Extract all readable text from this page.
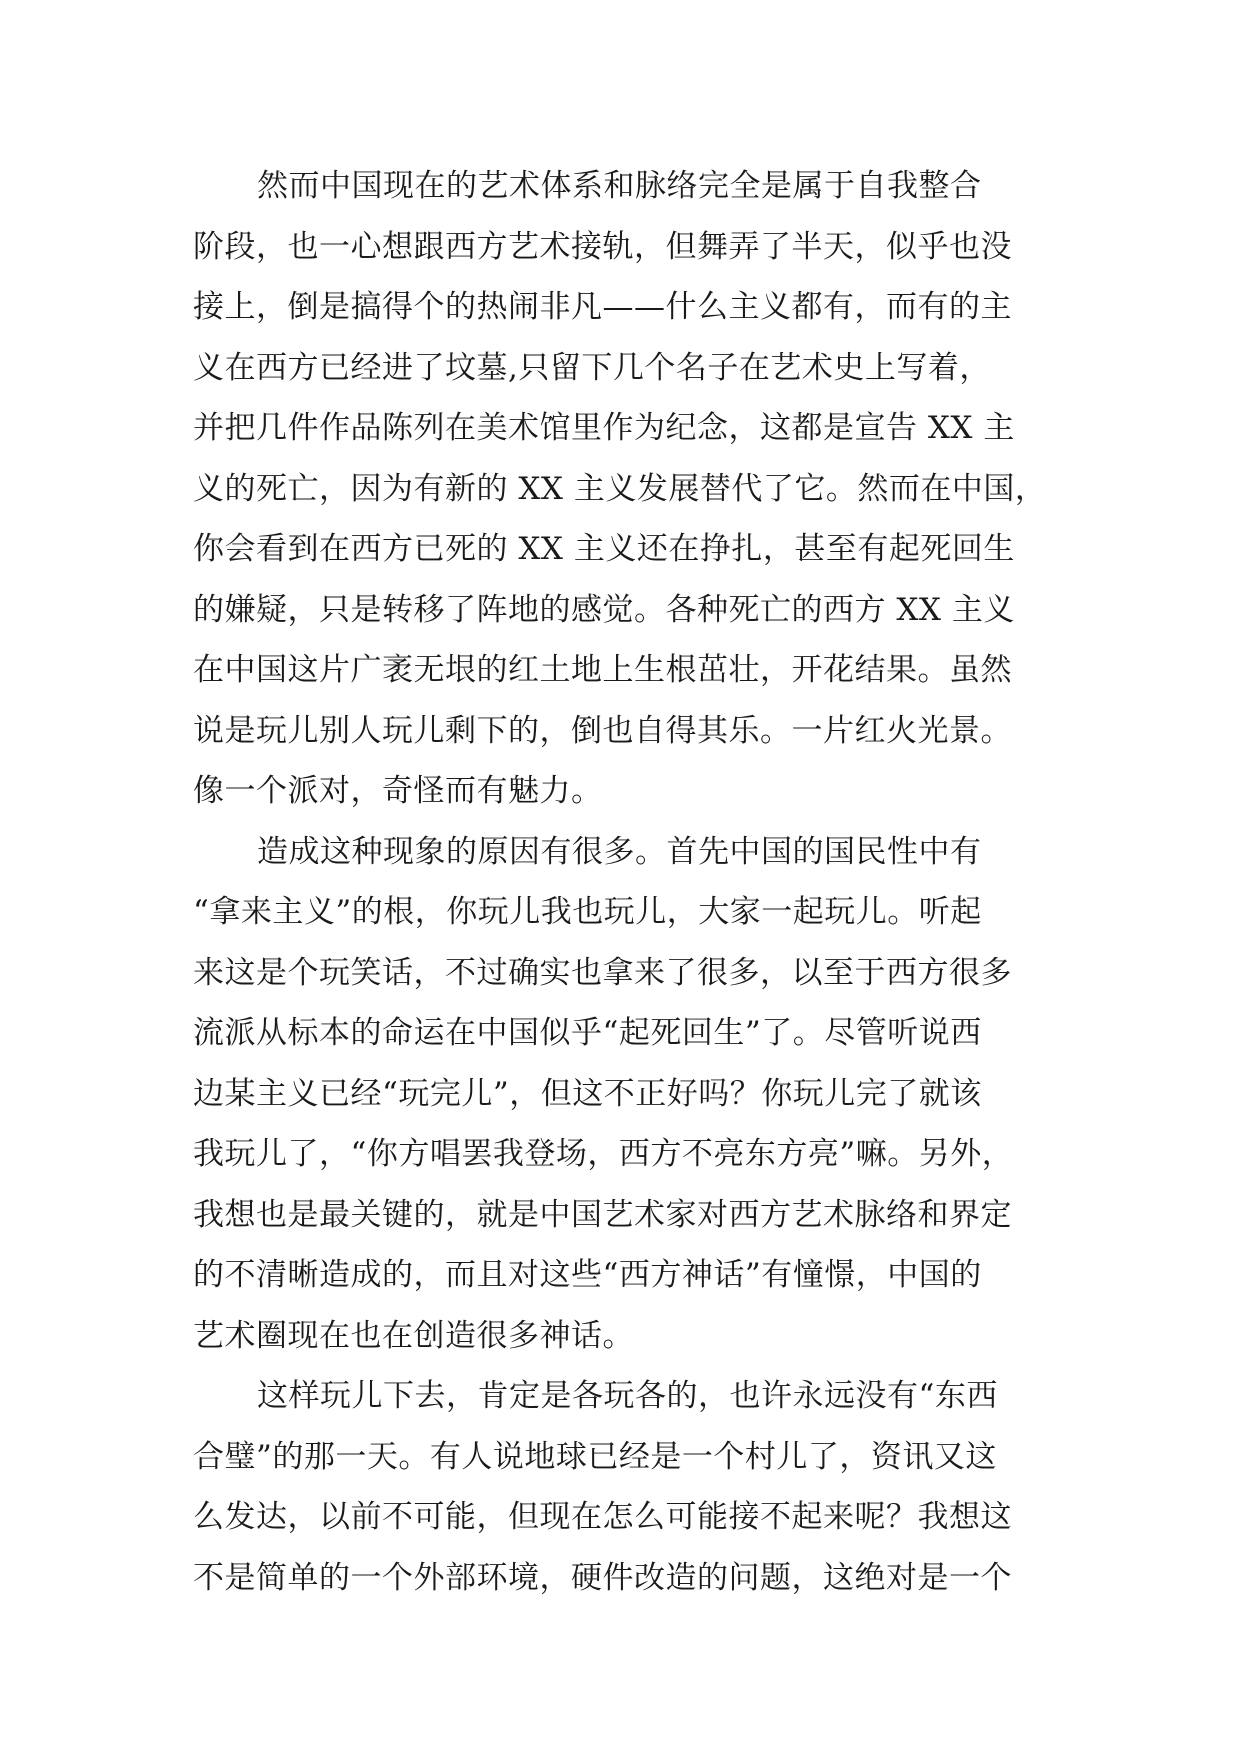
然而中国现在的艺术体系和脉络完全是属于自我整合
阶段，也一心想跟西方艺术接轨，但舞弄了半天，似乎也没
接上，倒是搞得个的热闹非凡——什么主义都有，而有的主
义在西方已经进了坟墓,只留下几个名子在艺术史上写着，
并把几件作品陈列在美术馆里作为纪念，这都是宣告 XX 主
义的死亡，因为有新的 XX 主义发展替代了它。然而在中国，
你会看到在西方已死的 XX 主义还在挣扎，甚至有起死回生
的嫌疑，只是转移了阵地的感觉。各种死亡的西方 XX 主义
在中国这片广袤无垠的红土地上生根茁壮，开花结果。虽然
说是玩儿别人玩儿剩下的，倒也自得其乐。一片红火光景。
像一个派对，奇怪而有魅力。

造成这种现象的原因有很多。首先中国的国民性中有
“拿来主义”的根，你玩儿我也玩儿，大家一起玩儿。听起
来这是个玩笑话，不过确实也拿来了很多，以至于西方很多
流派从标本的命运在中国似乎“起死回生”了。尽管听说西
边某主义已经“玩完儿”，但这不正好吗？你玩儿完了就该
我玩儿了，“你方唱罢我登场，西方不亮东方亮”嘛。另外，
我想也是最关键的，就是中国艺术家对西方艺术脉络和界定
的不清晰造成的，而且对这些“西方神话”有憧憬，中国的
艺术圈现在也在创造很多神话。

这样玩儿下去，肯定是各玩各的，也许永远没有“东西
合璧”的那一天。有人说地球已经是一个村儿了，资讯又这
么发达，以前不可能，但现在怎么可能接不起来呢？我想这
不是简单的一个外部环境，硬件改造的问题，这绝对是一个
